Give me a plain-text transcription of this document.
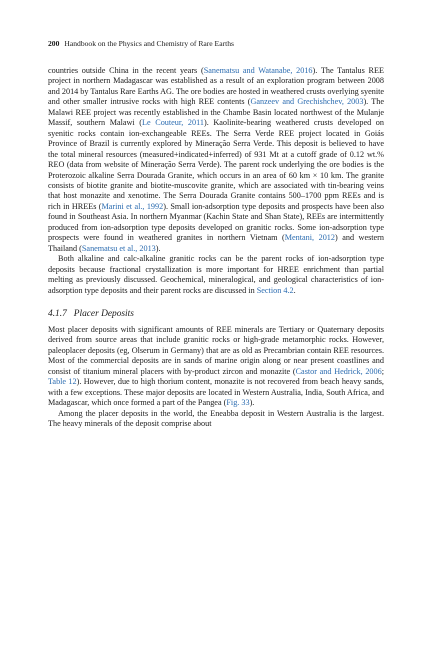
200 Handbook on the Physics and Chemistry of Rare Earths

countries outside China in the recent years (Sanematsu and Watanabe, 2016). The Tantalus REE project in northern Madagascar was established as a result of an exploration program between 2008 and 2014 by Tantalus Rare Earths AG. The ore bodies are hosted in weathered crusts overlying syenite and other smaller intrusive rocks with high REE contents (Ganzeev and Grechishchev, 2003). The Malawi REE project was recently established in the Chambe Basin located northwest of the Mulanje Massif, southern Malawi (Le Couteur, 2011). Kaolinite-bearing weathered crusts developed on syenitic rocks contain ion-exchangeable REEs. The Serra Verde REE project located in Goiás Province of Brazil is currently explored by Mineração Serra Verde. This deposit is believed to have the total mineral resources (measured+indicated+inferred) of 931 Mt at a cutoff grade of 0.12 wt.% REO (data from website of Mineração Serra Verde). The parent rock underlying the ore bodies is the Proterozoic alkaline Serra Dourada Granite, which occurs in an area of 60 km × 10 km. The granite consists of biotite granite and biotite-muscovite granite, which are associated with tin-bearing veins that host monazite and xenotime. The Serra Dourada Granite contains 500–1700 ppm REEs and is rich in HREEs (Marini et al., 1992). Small ion-adsorption type deposits and prospects have been also found in Southeast Asia. In northern Myanmar (Kachin State and Shan State), REEs are intermittently produced from ion-adsorption type deposits developed on granitic rocks. Some ion-adsorption type prospects were found in weathered granites in northern Vietnam (Mentani, 2012) and western Thailand (Sanematsu et al., 2013).

Both alkaline and calc-alkaline granitic rocks can be the parent rocks of ion-adsorption type deposits because fractional crystallization is more important for HREE enrichment than partial melting as previously discussed. Geochemical, mineralogical, and geological characteristics of ion-adsorption type deposits and their parent rocks are discussed in Section 4.2.

4.1.7 Placer Deposits

Most placer deposits with significant amounts of REE minerals are Tertiary or Quaternary deposits derived from source areas that include granitic rocks or high-grade metamorphic rocks. However, paleoplacer deposits (eg, Olserum in Germany) that are as old as Precambrian contain REE resources. Most of the commercial deposits are in sands of marine origin along or near present coastlines and consist of titanium mineral placers with by-product zircon and monazite (Castor and Hedrick, 2006; Table 12). However, due to high thorium content, monazite is not recovered from beach heavy sands, with a few exceptions. These major deposits are located in Western Australia, India, South Africa, and Madagascar, which once formed a part of the Pangea (Fig. 33).

Among the placer deposits in the world, the Eneabba deposit in Western Australia is the largest. The heavy minerals of the deposit comprise about
